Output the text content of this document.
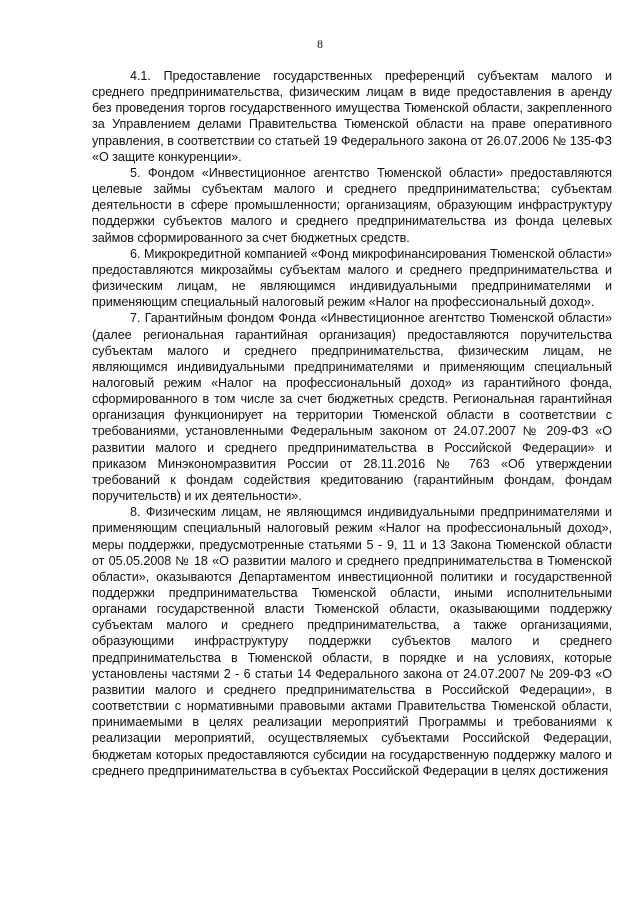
8

4.1. Предоставление государственных преференций субъектам малого и среднего предпринимательства, физическим лицам в виде предоставления в аренду без проведения торгов государственного имущества Тюменской области, закрепленного за Управлением делами Правительства Тюменской области на праве оперативного управления, в соответствии со статьей 19 Федерального закона от 26.07.2006 № 135-ФЗ «О защите конкуренции».

5. Фондом «Инвестиционное агентство Тюменской области» предоставляются целевые займы субъектам малого и среднего предпринимательства; субъектам деятельности в сфере промышленности; организациям, образующим инфраструктуру поддержки субъектов малого и среднего предпринимательства из фонда целевых займов сформированного за счет бюджетных средств.

6. Микрокредитной компанией «Фонд микрофинансирования Тюменской области» предоставляются микрозаймы субъектам малого и среднего предпринимательства и физическим лицам, не являющимся индивидуальными предпринимателями и применяющим специальный налоговый режим «Налог на профессиональный доход».

7. Гарантийным фондом Фонда «Инвестиционное агентство Тюменской области» (далее региональная гарантийная организация) предоставляются поручительства субъектам малого и среднего предпринимательства, физическим лицам, не являющимся индивидуальными предпринимателями и применяющим специальный налоговый режим «Налог на профессиональный доход» из гарантийного фонда, сформированного в том числе за счет бюджетных средств. Региональная гарантийная организация функционирует на территории Тюменской области в соответствии с требованиями, установленными Федеральным законом от 24.07.2007 № 209-ФЗ «О развитии малого и среднего предпринимательства в Российской Федерации» и приказом Минэкономразвития России от 28.11.2016 № 763 «Об утверждении требований к фондам содействия кредитованию (гарантийным фондам, фондам поручительств) и их деятельности».

8. Физическим лицам, не являющимся индивидуальными предпринимателями и применяющим специальный налоговый режим «Налог на профессиональный доход», меры поддержки, предусмотренные статьями 5 - 9, 11 и 13 Закона Тюменской области от 05.05.2008 № 18 «О развитии малого и среднего предпринимательства в Тюменской области», оказываются Департаментом инвестиционной политики и государственной поддержки предпринимательства Тюменской области, иными исполнительными органами государственной власти Тюменской области, оказывающими поддержку субъектам малого и среднего предпринимательства, а также организациями, образующими инфраструктуру поддержки субъектов малого и среднего предпринимательства в Тюменской области, в порядке и на условиях, которые установлены частями 2 - 6 статьи 14 Федерального закона от 24.07.2007 № 209-ФЗ «О развитии малого и среднего предпринимательства в Российской Федерации», в соответствии с нормативными правовыми актами Правительства Тюменской области, принимаемыми в целях реализации мероприятий Программы и требованиями к реализации мероприятий, осуществляемых субъектами Российской Федерации, бюджетам которых предоставляются субсидии на государственную поддержку малого и среднего предпринимательства в субъектах Российской Федерации в целях достижения
